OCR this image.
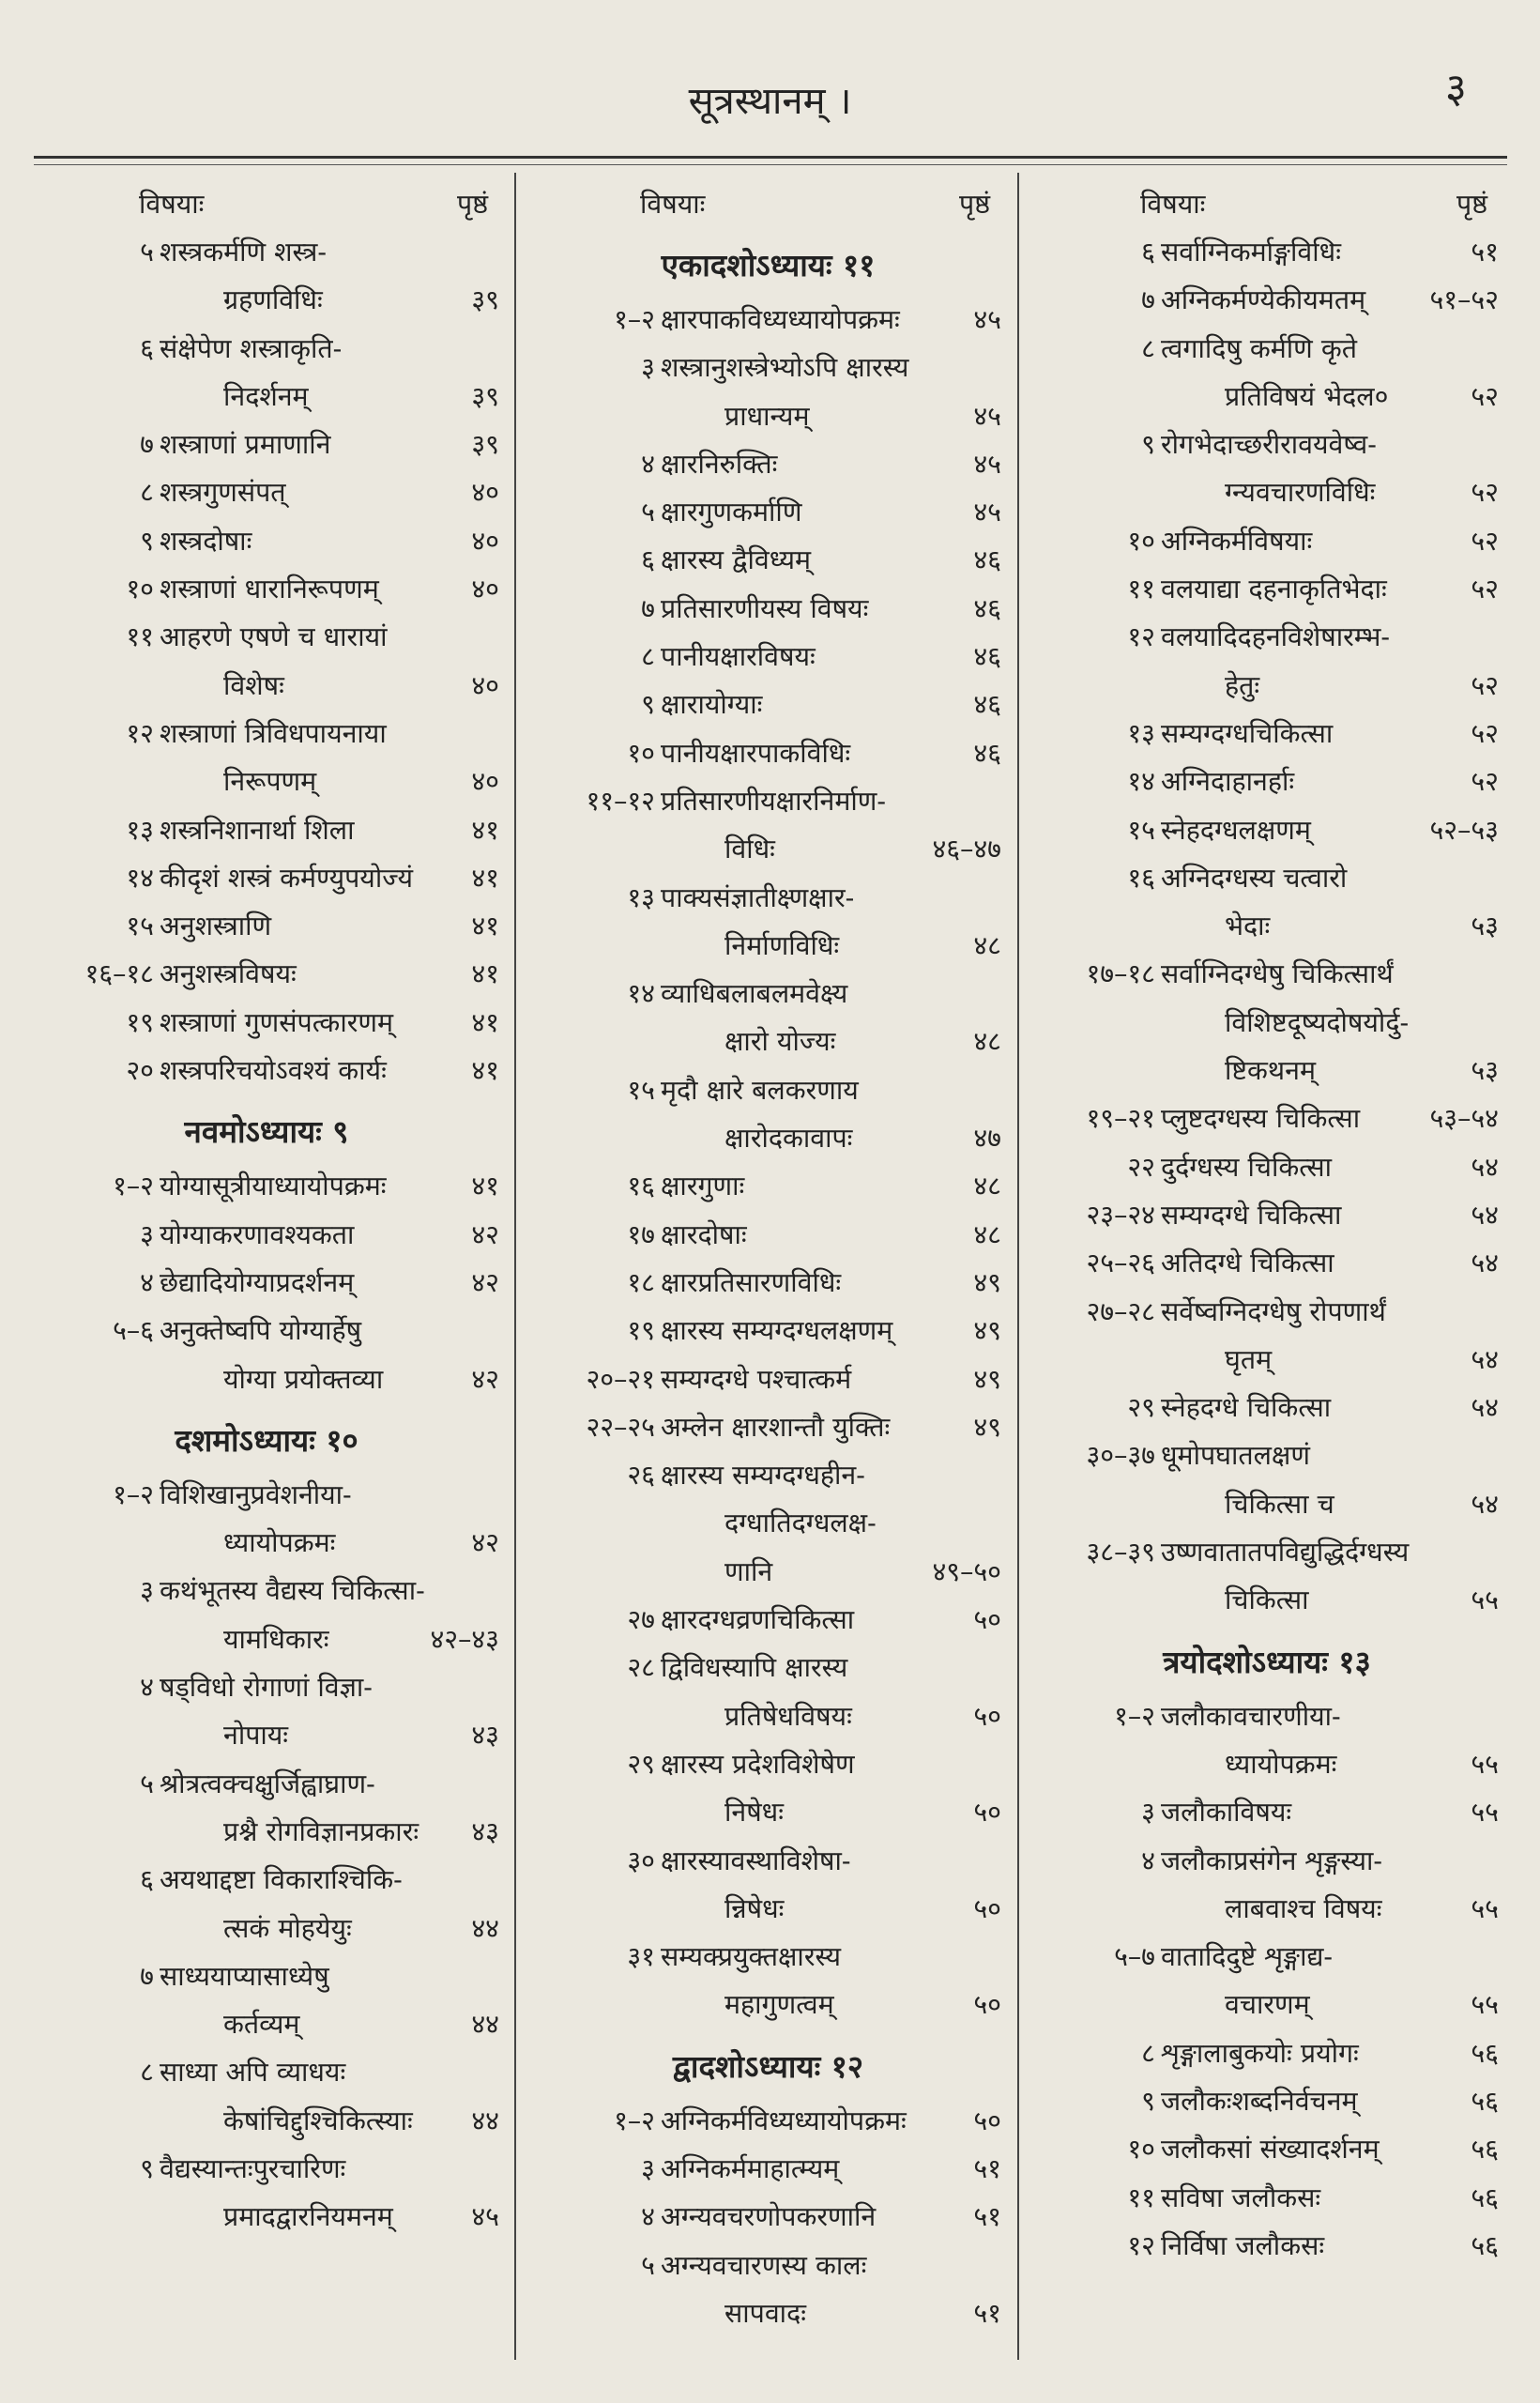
सूत्रस्थानम् ।	३
विषयाः	पृष्ठं
५ शस्त्रकर्मणि शस्त्र-
ग्रहणविधिः	३९
६ संक्षेपेण शस्त्राकृति-
निदर्शनम्	३९
७ शस्त्राणां प्रमाणानि	३९
८ शस्त्रगुणसंपत्	४०
९ शस्त्रदोषाः	४०
१० शस्त्राणां धारानिरूपणम्	४०
११ आहरणे एषणे च धारायां
विशेषः	४०
१२ शस्त्राणां त्रिविधपायनाया
निरूपणम्	४०
१३ शस्त्रनिशानार्था शिला	४१
१४ कीदृशं शस्त्रं कर्मण्युपयोज्यं ४१
१५ अनुशस्त्राणि	४१
१६–१८ अनुशस्त्रविषयः	४१
१९ शस्त्राणां गुणसंपत्कारणम्	४१
२० शस्त्रपरिचयोऽवश्यं कार्यः	४१
नवमोऽध्यायः ९
१–२ योग्यासूत्रीयाध्यायोपक्रमः	४१
३ योग्याकरणावश्यकता	४२
४ छेद्यादियोग्याप्रदर्शनम्	४२
५–६ अनुक्तेष्वपि योग्यार्हेषु
योग्या प्रयोक्तव्या	४२
दशमोऽध्यायः १०
१–२ विशिखानुप्रवेशनीया-
ध्यायोपक्रमः	४२
३ कथंभूतस्य वैद्यस्य चिकित्सा-
यामधिकारः	४२–४३
४ षड्विधो रोगाणां विज्ञा-
नोपायः	४३
५ श्रोत्रत्वक्चक्षुर्जिह्वाघ्राण-
प्रश्नै रोगविज्ञानप्रकारः ४३
६ अयथाद्दष्टा विकाराश्चिकि-
त्सकं मोहयेयुः	४४
७ साध्ययाप्यासाध्येषु
कर्तव्यम्	४४
८ साध्या अपि व्याधयः
केषांचिद्दुश्चिकित्स्याः ४४
९ वैद्यस्यान्तःपुरचारिणः
प्रमादद्वारनियमनम्	४५
विषयाः	पृष्ठं
एकादशोऽध्यायः ११
१–२ क्षारपाकविध्यध्यायोपक्रमः	४५
३ शस्त्रानुशस्त्रेभ्योऽपि क्षारस्य
प्राधान्यम्	४५
४ क्षारनिरुक्तिः	४५
५ क्षारगुणकर्माणि	४५
६ क्षारस्य द्वैविध्यम्	४६
७ प्रतिसारणीयस्य विषयः	४६
८ पानीयक्षारविषयः	४६
९ क्षारायोग्याः	४६
१० पानीयक्षारपाकविधिः	४६
११–१२ प्रतिसारणीयक्षारनिर्माण-
विधिः	४६–४७
१३ पाक्यसंज्ञातीक्ष्णक्षार-
निर्माणविधिः	४८
१४ व्याधिबलाबलमवेक्ष्य
क्षारो योज्यः	४८
१५ मृदौ क्षारे बलकरणाय
क्षारोदकावापः	४७
१६ क्षारगुणाः	४८
१७ क्षारदोषाः	४८
१८ क्षारप्रतिसारणविधिः	४९
१९ क्षारस्य सम्यग्दग्धलक्षणम्	४९
२०–२१ सम्यग्दग्धे पश्चात्कर्म	४९
२२–२५ अम्लेन क्षारशान्तौ युक्तिः	४९
२६ क्षारस्य सम्यग्दग्धहीन-
दग्धातिदग्धलक्ष-
णानि	४९–५०
२७ क्षारदग्धव्रणचिकित्सा	५०
२८ द्विविधस्यापि क्षारस्य
प्रतिषेधविषयः	५०
२९ क्षारस्य प्रदेशविशेषेण
निषेधः	५०
३० क्षारस्यावस्थाविशेषा-
न्निषेधः	५०
३१ सम्यक्प्रयुक्तक्षारस्य
महागुणत्वम्	५०
द्वादशोऽध्यायः १२
१–२ अग्निकर्मविध्यध्यायोपक्रमः	५०
३ अग्निकर्ममाहात्म्यम्	५१
४ अग्न्यवचरणोपकरणानि	५१
५ अग्न्यवचारणस्य कालः
सापवादः	५१
विषयाः	पृष्ठं
६ सर्वाग्निकर्माङ्गविधिः	५१
७ अग्निकर्मण्येकीयमतम् ५१–५२
८ त्वगादिषु कर्मणि कृते
प्रतिविषयं भेदल०	५२
९ रोगभेदाच्छरीरावयवेष्व-
ग्न्यवचारणविधिः	५२
१० अग्निकर्मविषयाः	५२
११ वलयाद्या दहनाकृतिभेदाः	५२
१२ वलयादिदहनविशेषारम्भ-
हेतुः	५२
१३ सम्यग्दग्धचिकित्सा	५२
१४ अग्निदाहानर्हाः	५२
१५ स्नेहदग्धलक्षणम्	५२–५३
१६ अग्निदग्धस्य चत्वारो
भेदाः	५३
१७–१८ सर्वाग्निदग्धेषु चिकित्सार्थं
विशिष्टदूष्यदोषयोर्दु-
ष्टिकथनम्	५३
१९–२१ प्लुष्टदग्धस्य चिकित्सा	५३–५४
२२ दुर्दग्धस्य चिकित्सा	५४
२३–२४ सम्यग्दग्धे चिकित्सा	५४
२५–२६ अतिदग्धे चिकित्सा	५४
२७–२८ सर्वेष्वग्निदग्धेषु रोपणार्थं
घृतम्	५४
२९ स्नेहदग्धे चिकित्सा	५४
३०–३७ धूमोपघातलक्षणं
चिकित्सा च	५४
३८–३९ उष्णवातातपविद्युद्धिर्दग्धस्य
चिकित्सा	५५
त्रयोदशोऽध्यायः १३
१–२ जलौकावचारणीया-
ध्यायोपक्रमः	५५
३ जलौकाविषयः	५५
४ जलौकाप्रसंगेन शृङ्गस्या-
लाबवाश्च विषयः	५५
५–७ वातादिदुष्टे शृङ्गाद्य-
वचारणम्	५५
८ शृङ्गालाबुकयोः प्रयोगः	५६
९ जलौकःशब्दनिर्वचनम्	५६
१० जलौकसां संख्यादर्शनम्	५६
११ सविषा जलौकसः	५६
१२ निर्विषा जलौकसः	५६
